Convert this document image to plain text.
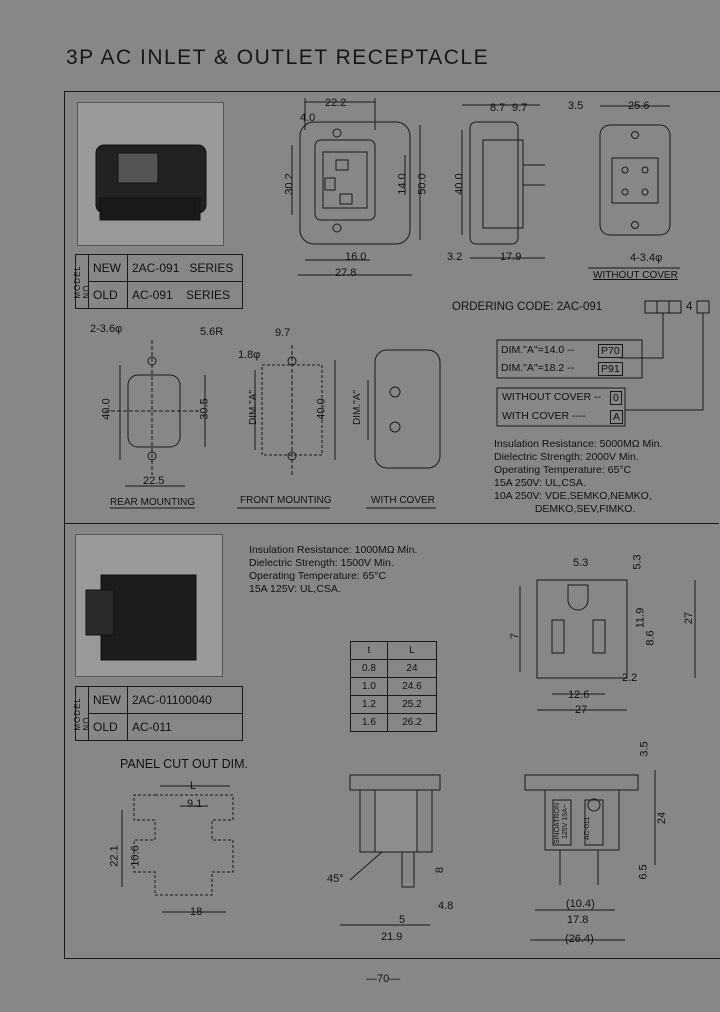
3P AC INLET & OUTLET RECEPTACLE
MODEL NO	NEW	2AC-091   SERIES
	OLD	AC-091    SERIES
22.2
4.0
30.2	14.0 50.0
16.0
27.8
8.7 9.7
40.0
3.2	17.9
3.5	25.6
4-3.4φ
WITHOUT COVER
2-3.6φ	5.6R
40.0	30.5
22.5
REAR MOUNTING
9.7
1.8φ
DIM."A"	40.0
FRONT MOUNTING
DIM."A"
WITH COVER
ORDERING CODE: 2AC-091	4
DIM."A"=14.0 --	P70
DIM."A"=18.2 --	P91
WITHOUT COVER -- 0
WITH COVER ----	A
Insulation Resistance: 5000MΩ Min.
Dielectric Strength: 2000V Min.
Operating Temperature: 65°C
15A 250V: UL,CSA.
10A 250V: VDE,SEMKO,NEMKO,
DEMKO,SEV,FIMKO.
MODEL NO	NEW	2AC-01100040
	OLD	AC-011
Insulation Resistance: 1000MΩ Min.
Dielectric Strength: 1500V Min.
Operating Temperature: 65°C
15A 125V: UL,CSA.
t	L
0.8	24
1.0	24.6
1.2	25.2
1.6	26.2
PANEL CUT OUT DIM.
5.3	5.3
11.9	27
8.6
7
12.6
2.2
27
L
9.1
22.1 10.6
18
45°
8
4.8
5
21.9
3.5
24
6.5
(10.4)
17.8
(26.4)
SINOATRON 125V 15A~ AC-011
—70—
